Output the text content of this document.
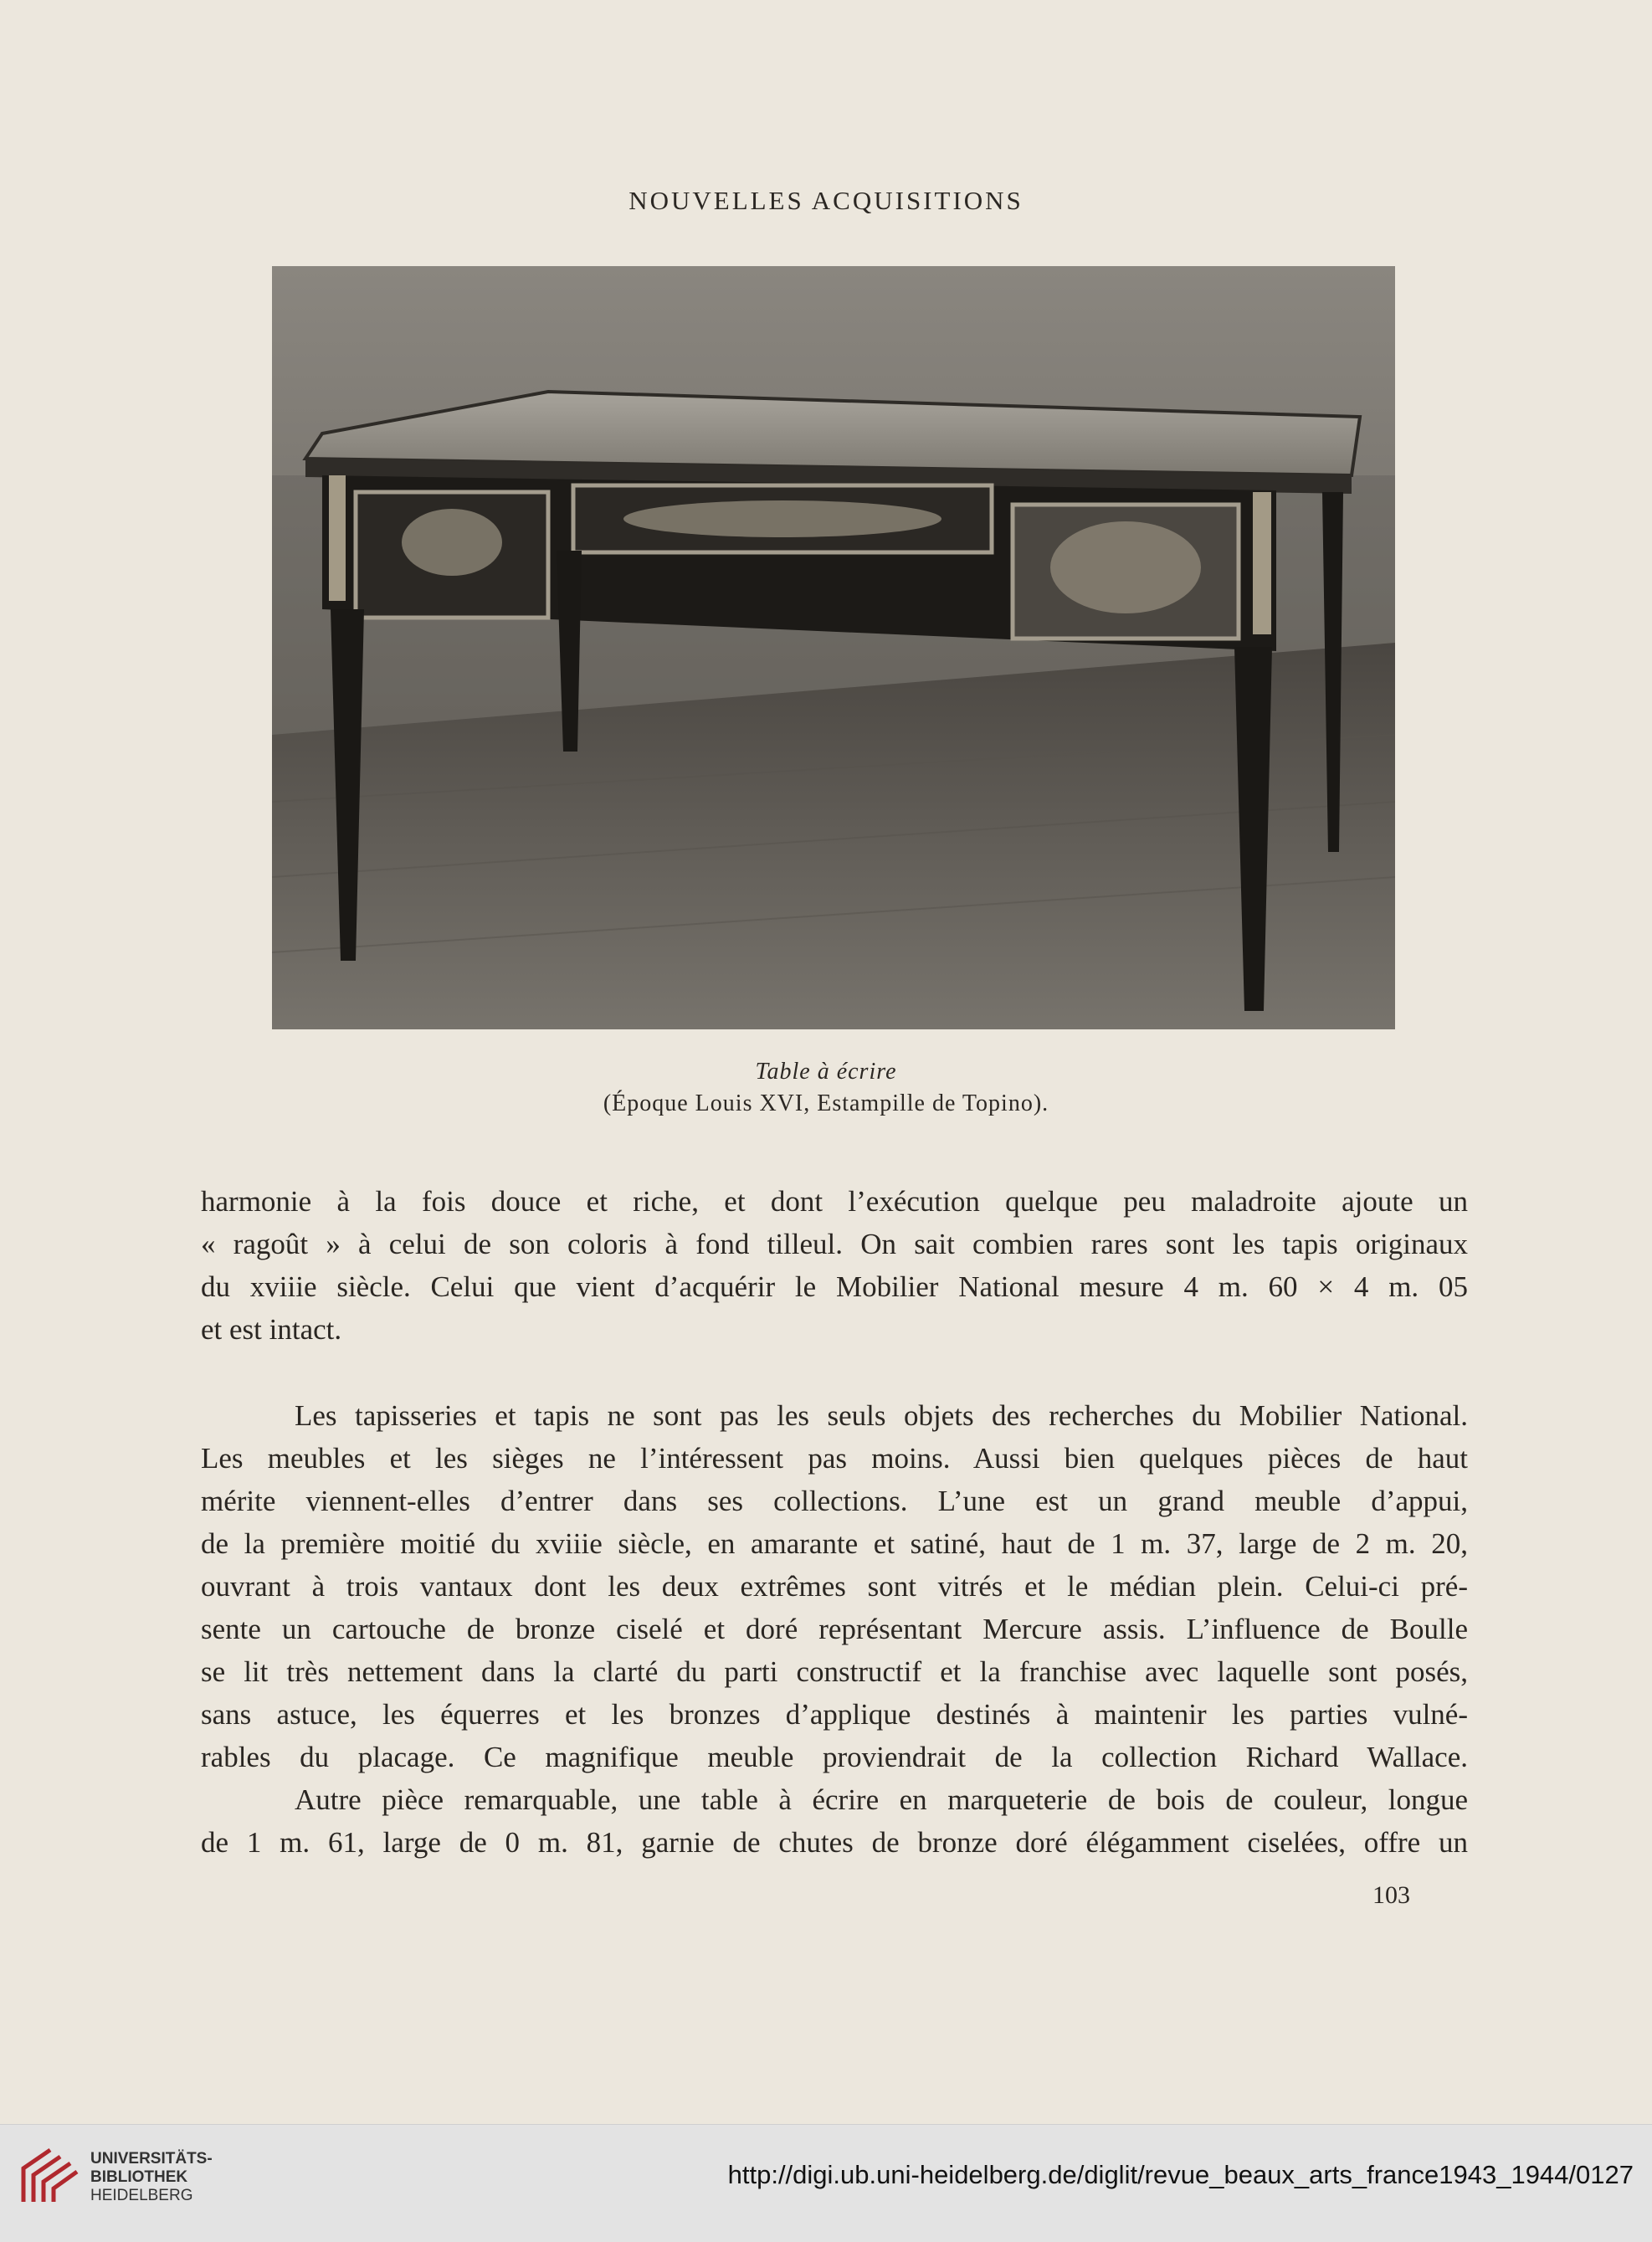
NOUVELLES ACQUISITIONS
Table à écrire
(Époque Louis XVI, Estampille de Topino).

harmonie à la fois douce et riche, et dont l’exécution quelque peu maladroite ajoute un

« ragoût » à celui de son coloris à fond tilleul. On sait combien rares sont les tapis originaux

du xviiie siècle. Celui que vient d’acquérir le Mobilier National mesure 4 m. 60 × 4 m. 05

et est intact.

Les tapisseries et tapis ne sont pas les seuls objets des recherches du Mobilier National.

Les meubles et les sièges ne l’intéressent pas moins. Aussi bien quelques pièces de haut

mérite viennent-elles d’entrer dans ses collections. L’une est un grand meuble d’appui,

de la première moitié du xviiie siècle, en amarante et satiné, haut de 1 m. 37, large de 2 m. 20,

ouvrant à trois vantaux dont les deux extrêmes sont vitrés et le médian plein. Celui-ci pré-

sente un cartouche de bronze ciselé et doré représentant Mercure assis. L’influence de Boulle

se lit très nettement dans la clarté du parti constructif et la franchise avec laquelle sont posés,

sans astuce, les équerres et les bronzes d’applique destinés à maintenir les parties vulné-

rables du placage. Ce magnifique meuble proviendrait de la collection Richard Wallace.

Autre pièce remarquable, une table à écrire en marqueterie de bois de couleur, longue

de 1 m. 61, large de 0 m. 81, garnie de chutes de bronze doré élégamment ciselées, offre un

103
UNIVERSITÄTS-
BIBLIOTHEK
HEIDELBERG
http://digi.ub.uni-heidelberg.de/diglit/revue_beaux_arts_france1943_1944/0127
